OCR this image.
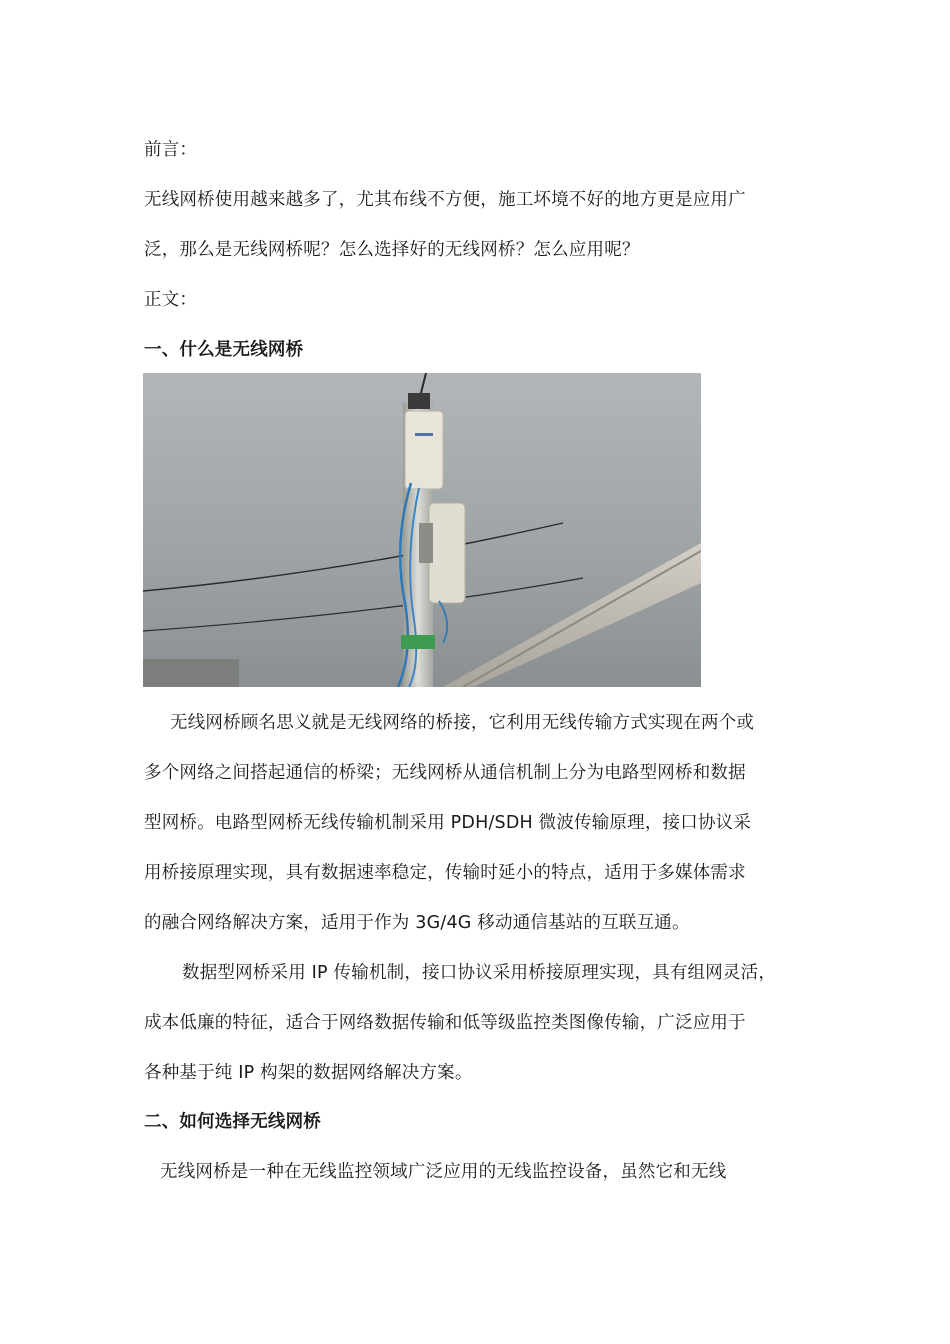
前言：
无线网桥使用越来越多了，尤其布线不方便，施工坏境不好的地方更是应用广
泛，那么是无线网桥呢？怎么选择好的无线网桥？怎么应用呢？
正文：
一、什么是无线网桥
无线网桥顾名思义就是无线网络的桥接，它利用无线传输方式实现在两个或
多个网络之间搭起通信的桥梁；无线网桥从通信机制上分为电路型网桥和数据
型网桥。电路型网桥无线传输机制采用 PDH/SDH 微波传输原理，接口协议采
用桥接原理实现，具有数据速率稳定，传输时延小的特点，适用于多媒体需求
的融合网络解决方案，适用于作为 3G/4G 移动通信基站的互联互通。
数据型网桥采用 IP 传输机制，接口协议采用桥接原理实现，具有组网灵活，
成本低廉的特征，适合于网络数据传输和低等级监控类图像传输，广泛应用于
各种基于纯 IP 构架的数据网络解决方案。
二、如何选择无线网桥
无线网桥是一种在无线监控领域广泛应用的无线监控设备，虽然它和无线
